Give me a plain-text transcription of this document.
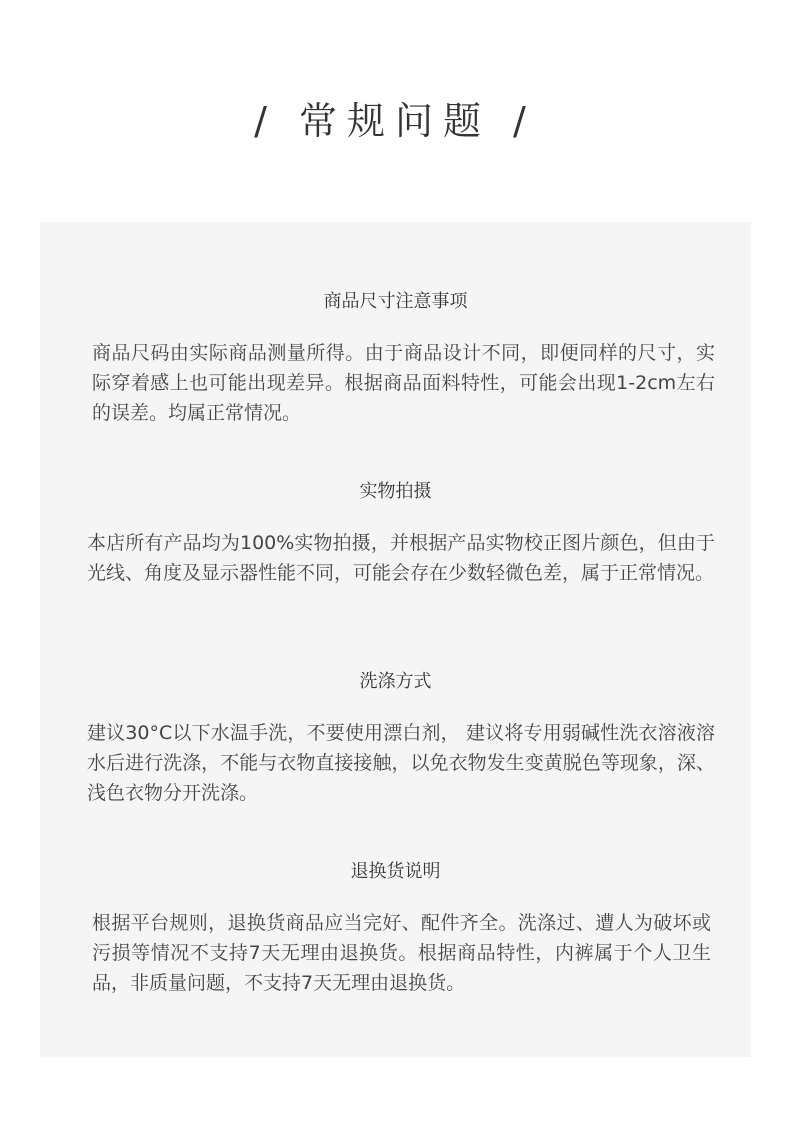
/ 常规问题 /
商品尺寸注意事项

商品尺码由实际商品测量所得。由于商品设计不同，即便同样的尺寸，实际穿着感上也可能出现差异。根据商品面料特性，可能会出现1-2cm左右的误差。均属正常情况。

实物拍摄

本店所有产品均为100%实物拍摄，并根据产品实物校正图片颜色，但由于光线、角度及显示器性能不同，可能会存在少数轻微色差，属于正常情况。

洗涤方式

建议30°C以下水温手洗，不要使用漂白剂， 建议将专用弱碱性洗衣溶液溶水后进行洗涤，不能与衣物直接接触，以免衣物发生变黄脱色等现象，深、浅色衣物分开洗涤。

退换货说明

根据平台规则，退换货商品应当完好、配件齐全。洗涤过、遭人为破坏或污损等情况不支持7天无理由退换货。根据商品特性，内裤属于个人卫生品，非质量问题，不支持7天无理由退换货。
